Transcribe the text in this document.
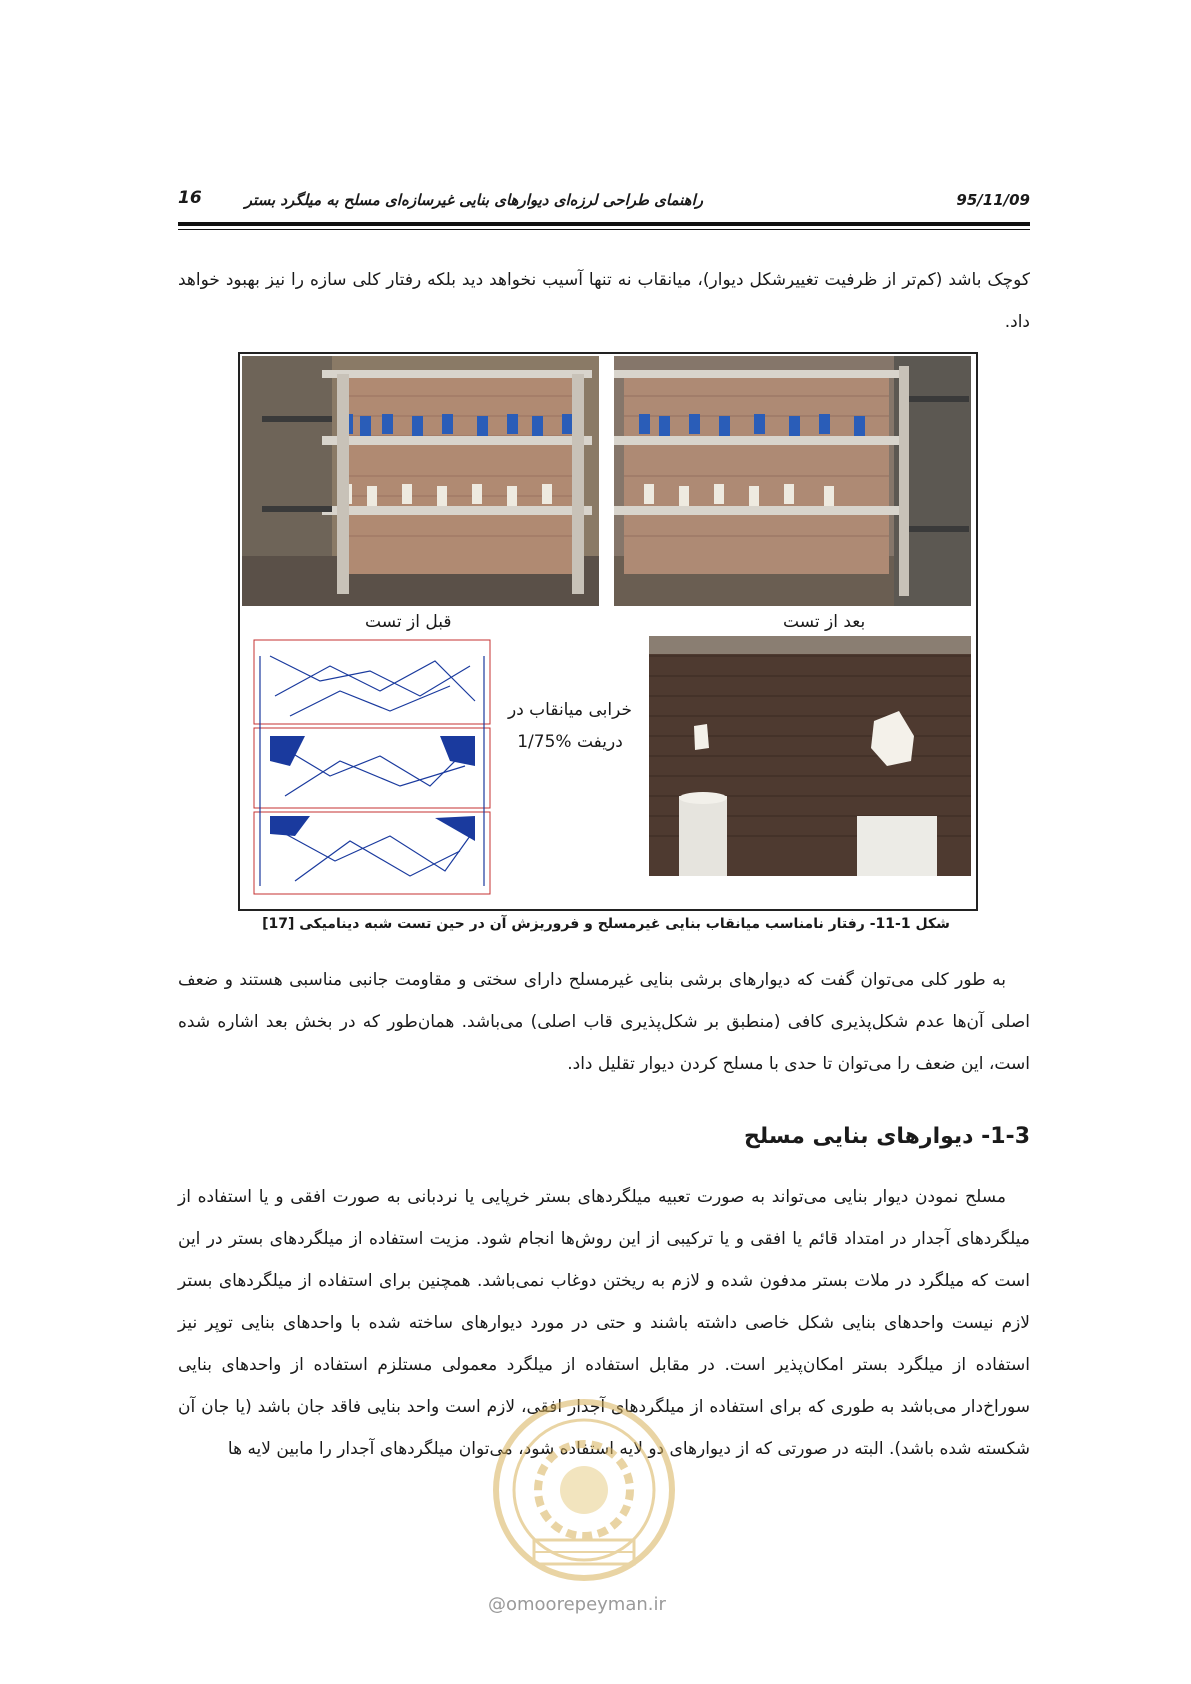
راهنمای طراحی لرزه‌ای دیوارهای بنایی غیرسازه‌ای مسلح به میلگرد بستر	95/11/09
16
کوچک باشد (کم‌تر از ظرفیت تغییرشکل دیوار)، میانقاب نه تنها آسیب نخواهد دید بلکه رفتار کلی سازه را نیز بهبود خواهد داد.
قبل از تست	بعد از تست
خرابی میانقاب در
دریفت ‎1/75%‎
شکل 1-11- رفتار نامناسب میانقاب بنایی غیرمسلح و فروریزش آن در حین تست شبه دینامیکی [17]
به طور کلی می‌توان گفت که دیوارهای برشی بنایی غیرمسلح دارای سختی و مقاومت جانبی مناسبی هستند و ضعف اصلی آن‌ها عدم شکل‌پذیری کافی (منطبق بر شکل‌پذیری قاب اصلی) می‌باشد. همان‌طور که در بخش بعد اشاره شده است، این ضعف را می‌توان تا حدی با مسلح کردن دیوار تقلیل داد.
1-3- دیوارهای بنایی مسلح
مسلح نمودن دیوار بنایی می‌تواند به صورت تعبیه میلگردهای بستر خرپایی یا نردبانی به صورت افقی و یا استفاده از میلگردهای آجدار در امتداد قائم یا افقی و یا ترکیبی از این روش‌ها انجام شود. مزیت استفاده از میلگردهای بستر در این است که میلگرد در ملات بستر مدفون شده و لازم به ریختن دوغاب نمی‌باشد. همچنین برای استفاده از میلگردهای بستر لازم نیست واحدهای بنایی شکل خاصی داشته باشند و حتی در مورد دیوارهای ساخته شده با واحدهای بنایی توپر نیز استفاده از میلگرد بستر امکان‌پذیر است. در مقابل استفاده از میلگرد معمولی مستلزم استفاده از واحدهای بنایی سوراخ‌دار می‌باشد به طوری که برای استفاده از میلگردهای آجدار افقی، لازم است واحد بنایی فاقد جان باشد (یا جان آن شکسته شده باشد). البته در صورتی که از دیوارهای دو لایه استفاده شود، می‌توان میلگردهای آجدار را مابین لایه ها
@omoorepeyman.ir
